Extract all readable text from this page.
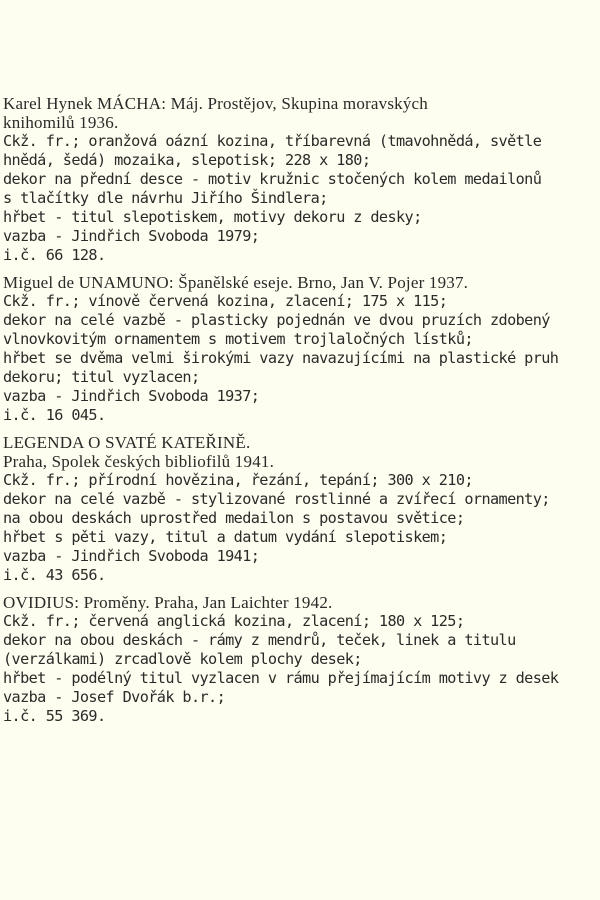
Karel Hynek MÁCHA: Máj. Prostějov, Skupina moravských
knihomilů 1936.
Ckž. fr.; oranžová oázní kozina, tříbarevná (tmavohnědá, světle
hnědá, šedá) mozaika, slepotisk; 228 x 180;
dekor na přední desce - motiv kružnic stočených kolem medailonů
s tlačítky dle návrhu Jiřího Šindlera;
hřbet - titul slepotiskem, motivy dekoru z desky;
vazba - Jindřich Svoboda 1979;
i.č. 66 128.
Miguel de UNAMUNO: Španělské eseje. Brno, Jan V. Pojer 1937.
Ckž. fr.; vínově červená kozina, zlacení; 175 x 115;
dekor na celé vazbě - plasticky pojednán ve dvou pruzích zdobený
vlnovkovitým ornamentem s motivem trojlaločných lístků;
hřbet se dvěma velmi širokými vazy navazujícími na plastické pruh
dekoru; titul vyzlacen;
vazba - Jindřich Svoboda 1937;
i.č. 16 045.
LEGENDA O SVATÉ KATEŘINĚ.
Praha, Spolek českých bibliofilů 1941.
Ckž. fr.; přírodní hovězina, řezání, tepání; 300 x 210;
dekor na celé vazbě - stylizované rostlinné a zvířecí ornamenty;
na obou deskách uprostřed medailon s postavou světice;
hřbet s pěti vazy, titul a datum vydání slepotiskem;
vazba - Jindřich Svoboda 1941;
i.č. 43 656.
OVIDIUS: Proměny. Praha, Jan Laichter 1942.
Ckž. fr.; červená anglická kozina, zlacení; 180 x 125;
dekor na obou deskách - rámy z mendrů, teček, linek a titulu
(verzálkami) zrcadlově kolem plochy desek;
hřbet - podélný titul vyzlacen v rámu přejímajícím motivy z desek
vazba - Josef Dvořák b.r.;
i.č. 55 369.
